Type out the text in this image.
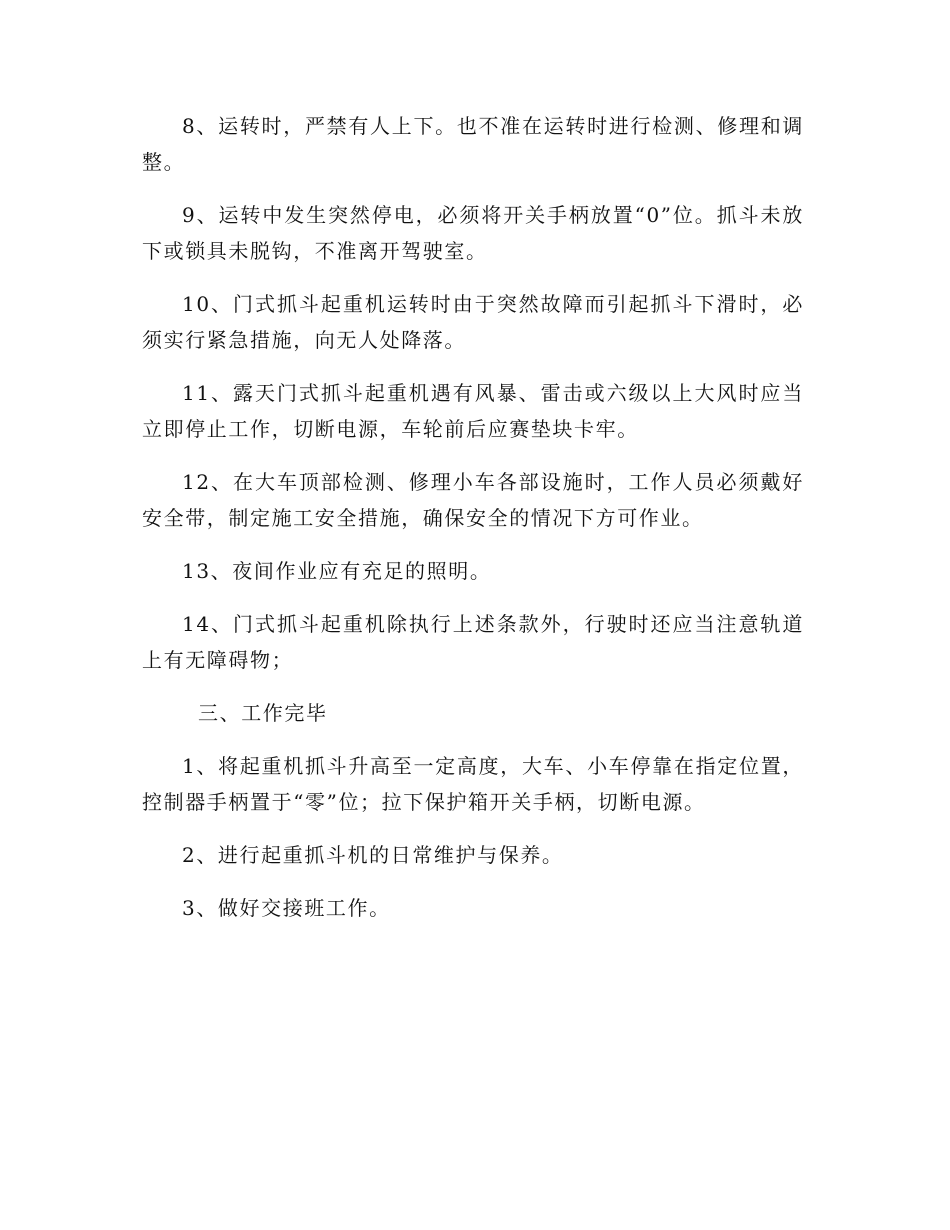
8、运转时，严禁有人上下。也不准在运转时进行检测、修理和调整。

9、运转中发生突然停电，必须将开关手柄放置“0”位。抓斗未放下或锁具未脱钩，不准离开驾驶室。

10、门式抓斗起重机运转时由于突然故障而引起抓斗下滑时，必须实行紧急措施，向无人处降落。

11、露天门式抓斗起重机遇有风暴、雷击或六级以上大风时应当立即停止工作，切断电源，车轮前后应赛垫块卡牢。

12、在大车顶部检测、修理小车各部设施时，工作人员必须戴好安全带，制定施工安全措施，确保安全的情况下方可作业。

13、夜间作业应有充足的照明。

14、门式抓斗起重机除执行上述条款外，行驶时还应当注意轨道上有无障碍物；

三、工作完毕

1、将起重机抓斗升高至一定高度，大车、小车停靠在指定位置，控制器手柄置于“零”位；拉下保护箱开关手柄，切断电源。

2、进行起重抓斗机的日常维护与保养。

3、做好交接班工作。
